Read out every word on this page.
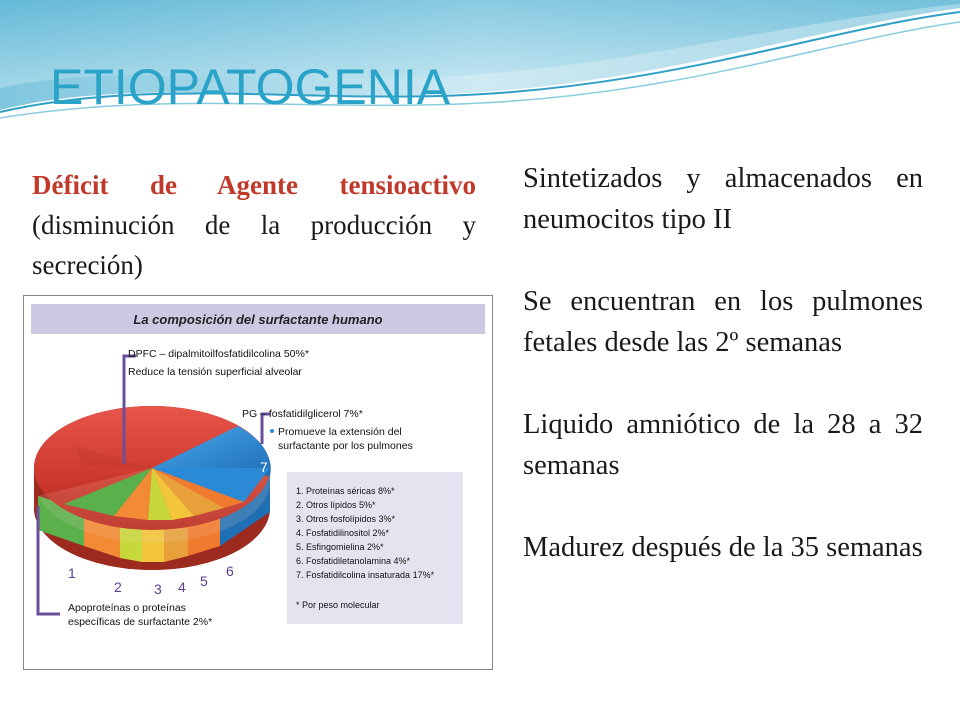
ETIOPATOGENIA
Déficit de Agente tensioactivo (disminución de la producción y secreción)

Sintetizados y almacenados en neumocitos tipo II

Se encuentran en los pulmones fetales desde las 2º semanas

Liquido amniótico de la 28 a 32 semanas

Madurez después de la 35 semanas

La composición del surfactante humano
DPFC – dipalmitoilfosfatidilcolina 50%*
Reduce la tensión superficial alveolar
PG – fosfatidilglicerol 7%*
Promueve la extensión del
surfactante por los pulmones
1. Proteínas séricas 8%*
2. Otros lípidos 5%*
3. Otros fosfolípidos 3%*
4. Fosfatidilinositol 2%*
5. Esfingomielina 2%*
6. Fosfatidiletanolamina 4%*
7. Fosfatidilcolina insaturada 17%*
* Por peso molecular
Apoproteínas o proteínas
específicas de surfactante 2%*
1
2 3 4 5
6
7
